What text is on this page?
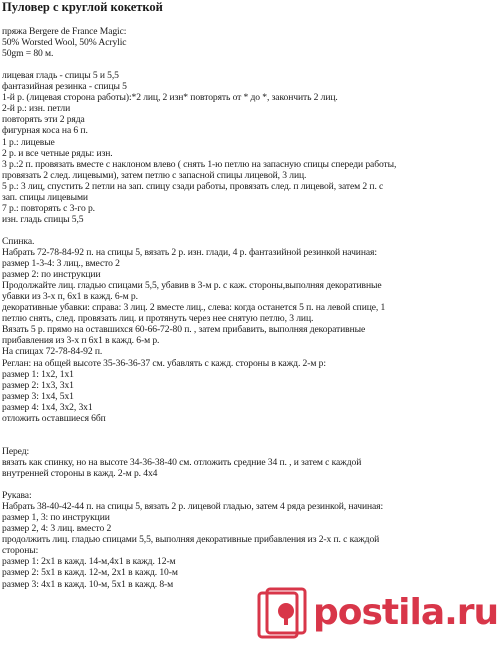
Пуловер с круглой кокеткой
пряжа Bergere de France Magic:
50% Worsted Wool, 50% Acrylic
50gm = 80 м.
лицевая гладь - спицы 5 и 5,5
фантазийная резинка - спицы 5
1-й р. (лицевая сторона работы):*2 лиц, 2 изн* повторять от * до *, закончить 2 лиц.
2-й р.: изн. петли
повторять эти 2 ряда
фигурная коса на 6 п.
1 р.: лицевые
2 р. и все четные ряды: изн.
3 р.:2 п. провязать вместе с наклоном влево ( снять 1-ю петлю на запасную спицы спереди работы,
провязать 2 след. лицевыми), затем петлю с запасной спицы лицевой, 3 лиц.
5 р.: 3 лиц, спустить 2 петли на зап. спицу сзади работы, провязать след. п лицевой, затем 2 п. с
зап. спицы лицевыми
7 р.: повторять с 3-го р.
изн. гладь спицы 5,5
Спинка.
Набрать 72-78-84-92 п. на спицы 5, вязать 2 р. изн. глади, 4 р. фантазийной резинкой начиная:
размер 1-3-4: 3 лиц., вместо 2
размер 2: по инструкции
Продолжайте лиц. гладью спицами 5,5, убавив в 3-м р. с каж. стороны,выполняя декоративные
убавки из 3-х п, 6х1 в кажд. 6-м р.
декоративные убавки: справа: 3 лиц. 2 вместе лиц., слева: когда останется 5 п. на левой спице, 1
петлю снять, след. провязать лиц. и протянуть через нее снятую петлю, 3 лиц.
Вязать 5 р. прямо на оставшихся 60-66-72-80 п. , затем прибавить, выполняя декоративные
прибавления из 3-х п 6х1 в кажд. 6-м р.
На спицах 72-78-84-92 п.
Реглан: на общей высоте 35-36-36-37 см. убавлять с кажд. стороны в кажд. 2-м р:
размер 1: 1х2, 1х1
размер 2: 1х3, 3х1
размер 3: 1х4, 5х1
размер 4: 1х4, 3х2, 3х1
отложить оставшиеся 6бп
Перед:
вязать как спинку, но на высоте 34-36-38-40 см. отложить средние 34 п. , и затем с каждой
внутренней стороны в кажд. 2-м р. 4х4
Рукава:
Набрать 38-40-42-44 п. на спицы 5, вязать 2 р. лицевой гладью, затем 4 ряда резинкой, начиная:
размер 1, 3: по инструкции
размер 2, 4: 3 лиц. вместо 2
продолжить лиц. гладью спицами 5,5, выполняя декоративные прибавления из 2-х п. с каждой
стороны:
размер 1: 2х1 в кажд. 14-м,4х1 в кажд. 12-м
размер 2: 5х1 в кажд. 12-м, 2х1 в кажд. 10-м
размер 3: 4х1 в кажд. 10-м, 5х1 в кажд. 8-м
postila.ru
